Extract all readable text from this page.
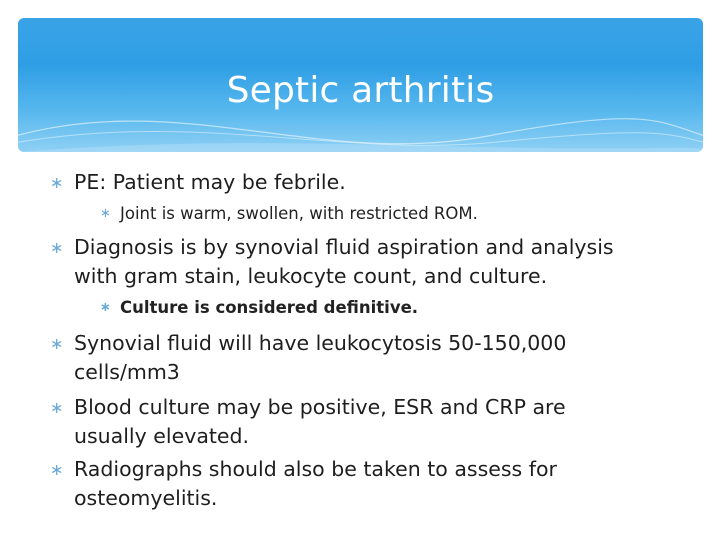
Septic arthritis
∗ PE: Patient may be febrile.
∗ Joint is warm, swollen, with restricted ROM.
∗ Diagnosis is by synovial fluid aspiration and analysis with gram stain, leukocyte count, and culture.
∗ Culture is considered definitive.
∗ Synovial fluid will have leukocytosis 50-150,000 cells/mm3
∗ Blood culture may be positive, ESR and CRP are usually elevated.
∗ Radiographs should also be taken to assess for osteomyelitis.
